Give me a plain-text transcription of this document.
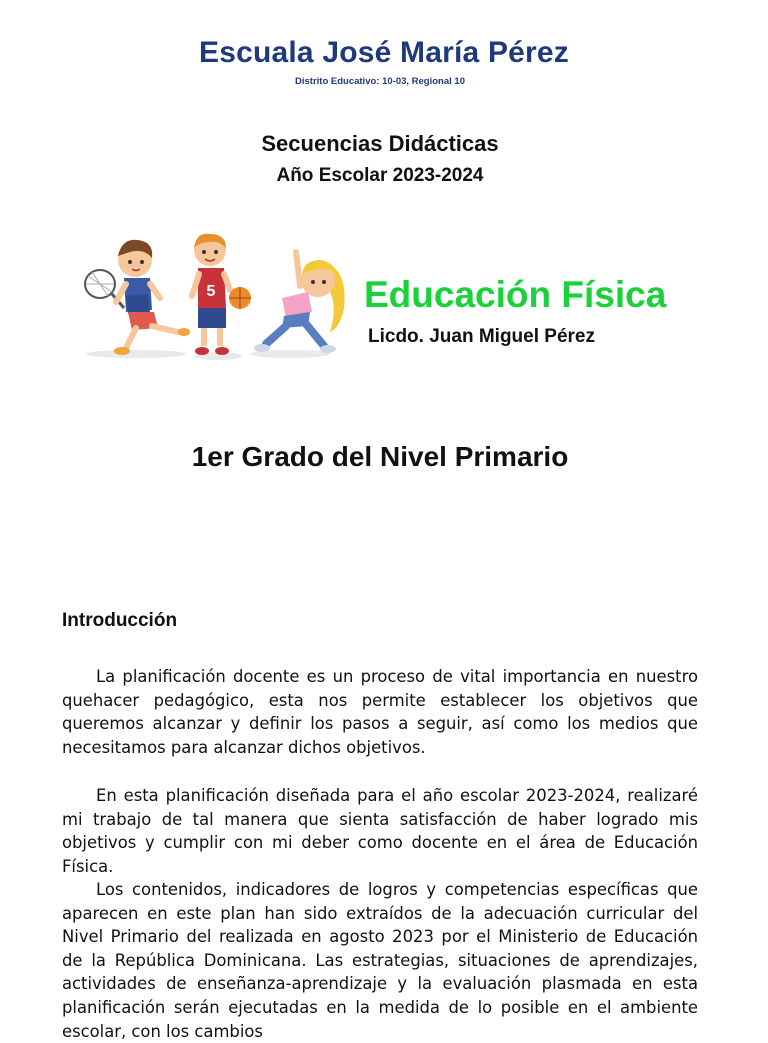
Escuala José María Pérez
Distrito Educativo: 10-03, Regional 10
Secuencias Didácticas
Año Escolar 2023-2024
5	Educación Física
Licdo. Juan Miguel Pérez
1er Grado del Nivel Primario
Introducción

La planificación docente es un proceso de vital importancia en nuestro quehacer pedagógico, esta nos permite establecer los objetivos que queremos alcanzar y definir los pasos a seguir, así como los medios que necesitamos para alcanzar dichos objetivos.

En esta planificación diseñada para el año escolar 2023-2024, realizaré mi trabajo de tal manera que sienta satisfacción de haber logrado mis objetivos y cumplir con mi deber como docente en el área de Educación Física.

Los contenidos, indicadores de logros y competencias específicas que aparecen en este plan han sido extraídos de la adecuación curricular del Nivel Primario del realizada en agosto 2023 por el Ministerio de Educación de la República Dominicana. Las estrategias, situaciones de aprendizajes, actividades de enseñanza-aprendizaje y la evaluación plasmada en esta planificación serán ejecutadas en la medida de lo posible en el ambiente escolar, con los cambios
